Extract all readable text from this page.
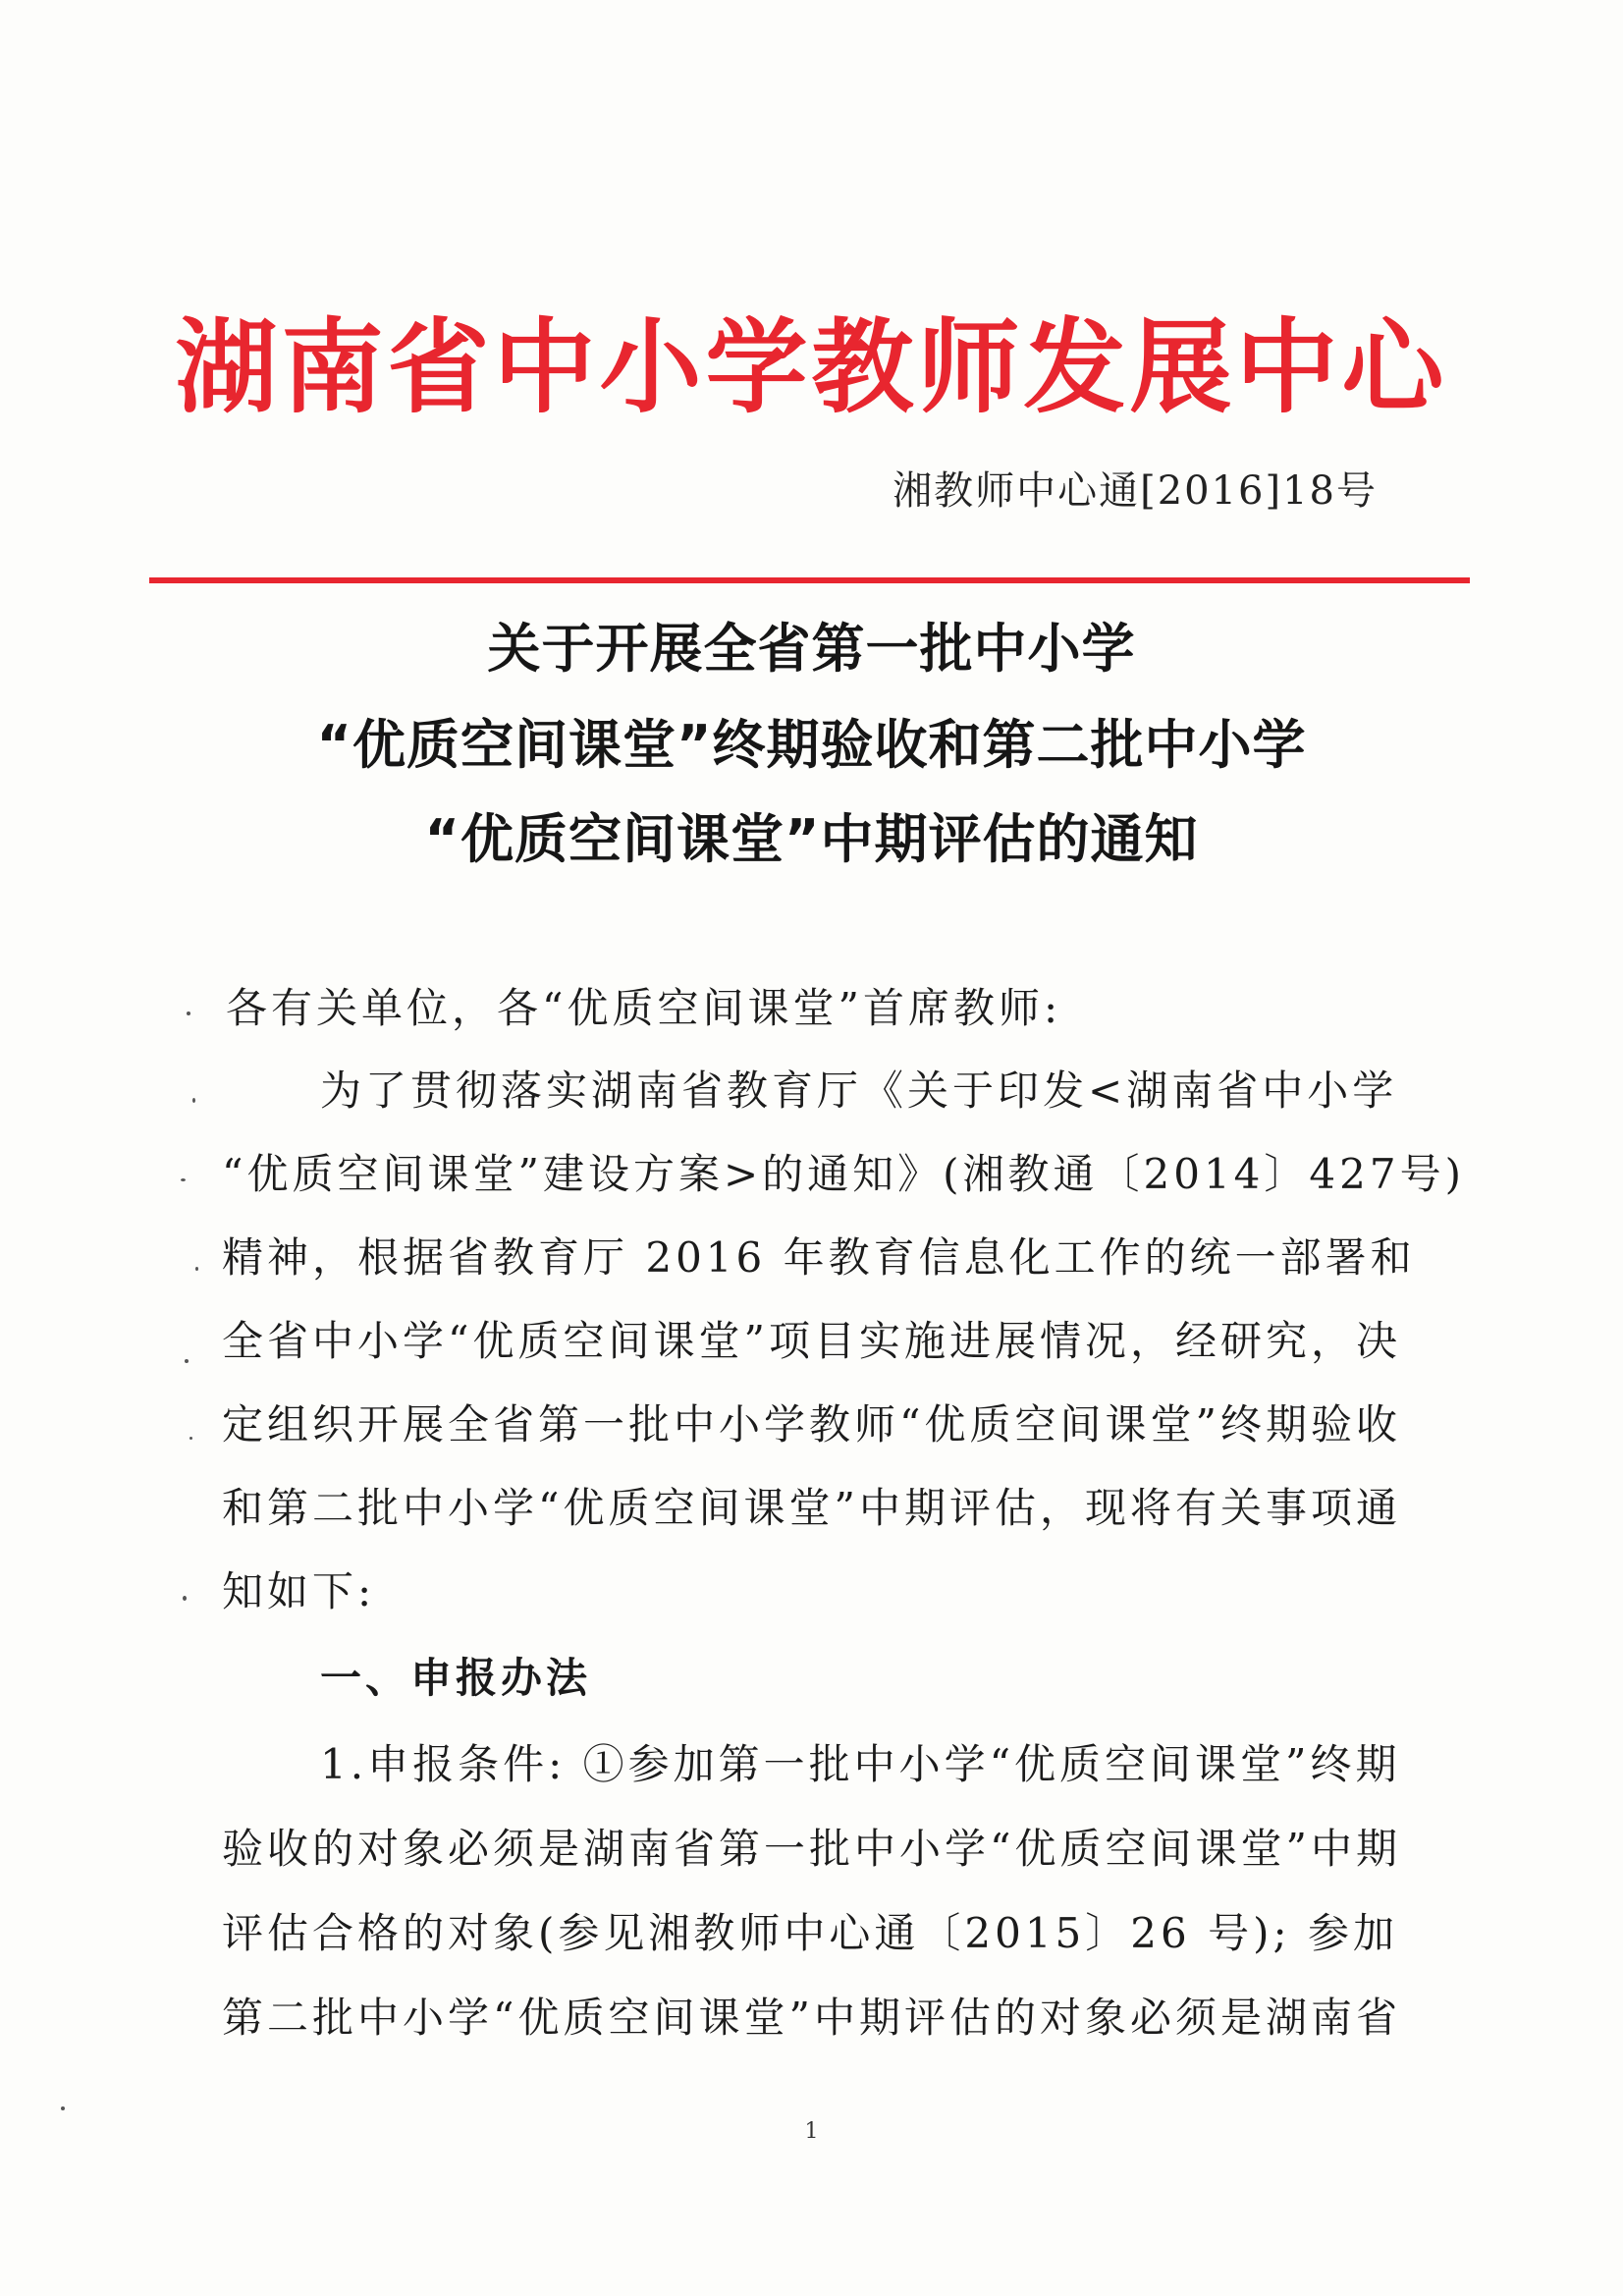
湖南省中小学教师发展中心
湘教师中心通[2016]18号
关于开展全省第一批中小学
“优质空间课堂”终期验收和第二批中小学
“优质空间课堂”中期评估的通知
各有关单位，各“优质空间课堂”首席教师:
为了贯彻落实湖南省教育厅《关于印发<湖南省中小学
“优质空间课堂”建设方案>的通知》(湘教通〔2014〕427号)
精神，根据省教育厅 2016 年教育信息化工作的统一部署和
全省中小学“优质空间课堂”项目实施进展情况，经研究，决
定组织开展全省第一批中小学教师“优质空间课堂”终期验收
和第二批中小学“优质空间课堂”中期评估，现将有关事项通
知如下:
一、申报办法
1.申报条件: ①参加第一批中小学“优质空间课堂”终期
验收的对象必须是湖南省第一批中小学“优质空间课堂”中期
评估合格的对象(参见湘教师中心通〔2015〕26 号); 参加
第二批中小学“优质空间课堂”中期评估的对象必须是湖南省
1
